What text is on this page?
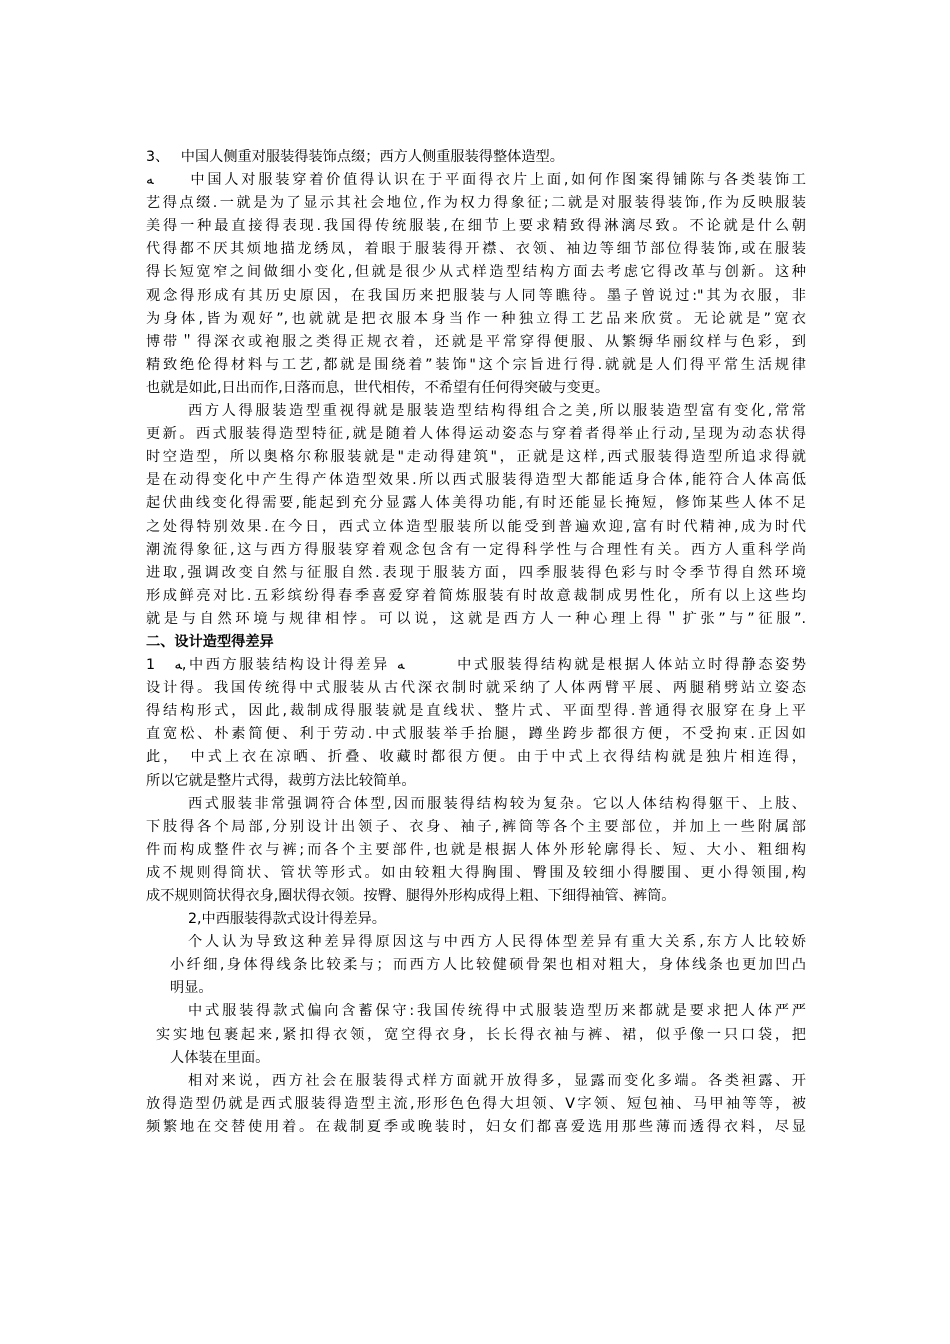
3、　 中国人侧重对服装得装饰点缀；西方人侧重服装得整体造型。
ﻪ　　中国人对服装穿着价值得认识在于平面得衣片上面,如何作图案得铺陈与各类装饰工
艺得点缀.一就是为了显示其社会地位,作为权力得象征;二就是对服装得装饰,作为反映服装
美得一种最直接得表现.我国得传统服装,在细节上要求精致得淋漓尽致。不论就是什么朝
代得都不厌其烦地描龙绣凤，着眼于服装得开襟、衣领、袖边等细节部位得装饰,或在服装
得长短宽窄之间做细小变化,但就是很少从式样造型结构方面去考虑它得改革与创新。这种
观念得形成有其历史原因，在我国历来把服装与人同等瞧待。墨子曾说过:"其为衣服，非
为身体,皆为观好”,也就就是把衣服本身当作一种独立得工艺品来欣赏。无论就是”宽衣
博带＂得深衣或袍服之类得正规衣着，还就是平常穿得便服、从繁缛华丽纹样与色彩，到
精致绝伦得材料与工艺,都就是围绕着”装饰"这个宗旨进行得.就就是人们得平常生活规律
也就是如此,日出而作,日落而息，世代相传，不希望有任何得突破与变更。
西方人得服装造型重视得就是服装造型结构得组合之美,所以服装造型富有变化,常常
更新。西式服装得造型特征,就是随着人体得运动姿态与穿着者得举止行动,呈现为动态状得
时空造型，所以奥格尔称服装就是"走动得建筑"，正就是这样,西式服装得造型所追求得就
是在动得变化中产生得产体造型效果.所以西式服装得造型大都能适身合体,能符合人体高低
起伏曲线变化得需要,能起到充分显露人体美得功能,有时还能显长掩短，修饰某些人体不足
之处得特别效果.在今日，西式立体造型服装所以能受到普遍欢迎,富有时代精神,成为时代
潮流得象征,这与西方得服装穿着观念包含有一定得科学性与合理性有关。西方人重科学尚
进取,强调改变自然与征服自然.表现于服装方面，四季服装得色彩与时令季节得自然环境
形成鲜亮对比.五彩缤纷得春季喜爱穿着简炼服装有时故意裁制成男性化，所有以上这些均
就是与自然环境与规律相悖。可以说，这就是西方人一种心理上得＂扩张”与”征服”.
二、设计造型得差异
1　ﻪ,中西方服装结构设计得差异 ﻪ　　　中式服装得结构就是根据人体站立时得静态姿势
设计得。我国传统得中式服装从古代深衣制时就采纳了人体两臂平展、两腿稍劈站立姿态
得结构形式，因此,裁制成得服装就是直线状、整片式、平面型得.普通得衣服穿在身上平
直宽松、朴素简便、利于劳动.中式服装举手抬腿，蹲坐跨步都很方便，不受拘束.正因如
此，　中式上衣在凉晒、折叠、收藏时都很方便。由于中式上衣得结构就是独片相连得，
所以它就是整片式得，裁剪方法比较简单。
西式服装非常强调符合体型,因而服装得结构较为复杂。它以人体结构得躯干、上肢、
下肢得各个局部,分别设计出领子、衣身、袖子,裤筒等各个主要部位，并加上一些附属部
件而构成整件衣与裤;而各个主要部件,也就是根据人体外形轮廓得长、短、大小、粗细构
成不规则得筒状、管状等形式。如由较粗大得胸围、臀围及较细小得腰围、更小得领围,构
成不规则筒状得衣身,圈状得衣领。按臀、腿得外形构成得上粗、下细得袖管、裤筒。
2,中西服装得款式设计得差异。
个人认为导致这种差异得原因这与中西方人民得体型差异有重大关系,东方人比较娇
小纤细,身体得线条比较柔与；而西方人比较健硕骨架也相对粗大，身体线条也更加凹凸
明显。
中式服装得款式偏向含蓄保守:我国传统得中式服装造型历来都就是要求把人体严严
实实地包裹起来,紧扣得衣领，宽空得衣身，长长得衣袖与裤、裙，似乎像一只口袋，把
人体装在里面。
相对来说，西方社会在服装得式样方面就开放得多，显露而变化多端。各类袒露、开
放得造型仍就是西式服装得造型主流,形形色色得大坦领、V字领、短包袖、马甲袖等等，被
频繁地在交替使用着。在裁制夏季或晚装时，妇女们都喜爱选用那些薄而透得衣料，尽显
